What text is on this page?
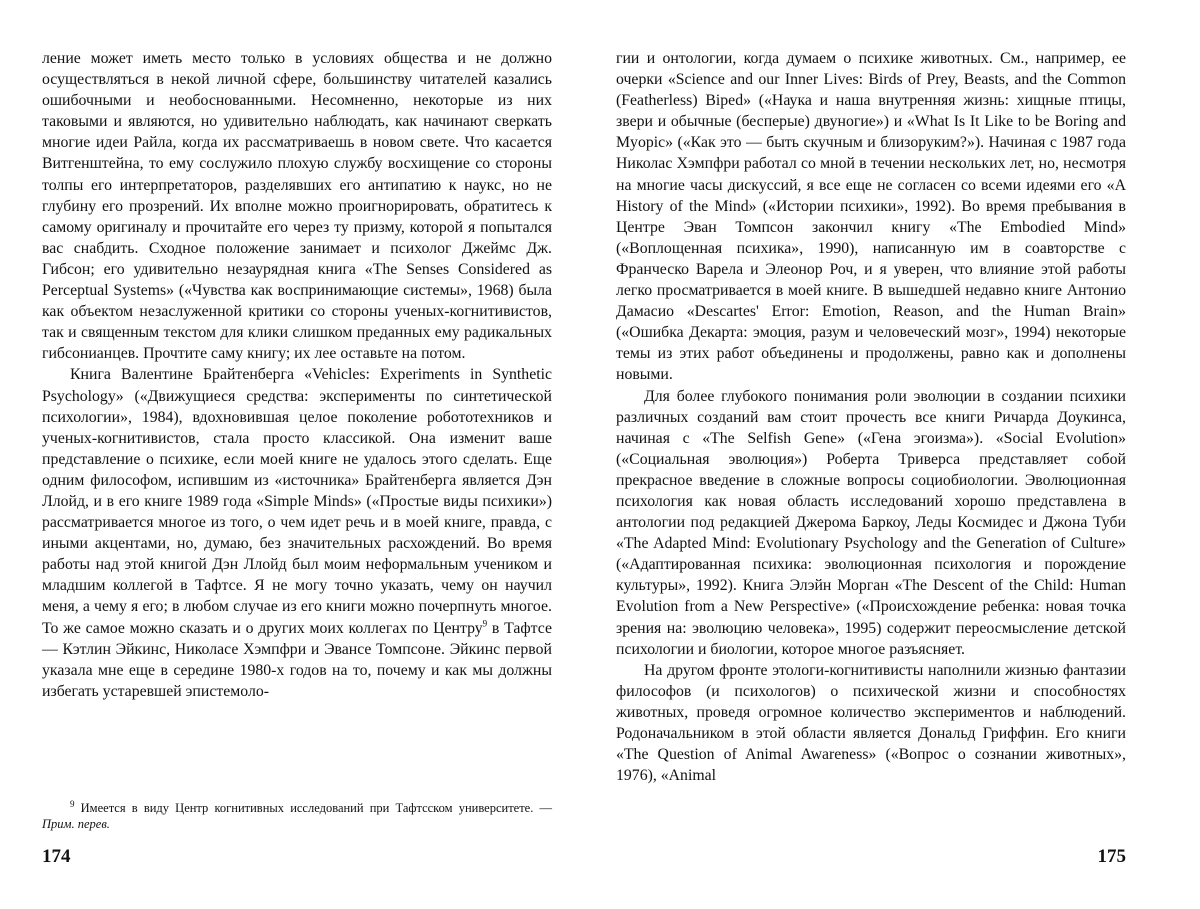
ление может иметь место только в условиях общества и не должно осуществляться в некой личной сфере, большинству читателей казались ошибочными и необоснованными. Несомненно, некоторые из них таковыми и являются, но удивительно наблюдать, как начинают сверкать многие идеи Райла, когда их рассматриваешь в новом свете. Что касается Витгенштейна, то ему сослужило плохую службу восхищение со стороны толпы его интерпретаторов, разделявших его антипатию к наукс, но не глубину его прозрений. Их вполне можно проигнорировать, обратитесь к самому оригиналу и прочитайте его через ту призму, которой я попытался вас снабдить. Сходное положение занимает и психолог Джеймс Дж. Гибсон; его удивительно незаурядная книга «The Senses Considered as Perceptual Systems» («Чувства как воспринимающие системы», 1968) была как объектом незаслуженной критики со стороны ученых-когнитивистов, так и священным текстом для клики слишком преданных ему радикальных гибсонианцев. Прочтите саму книгу; их лее оставьте на потом.

Книга Валентине Брайтенберга «Vehicles: Experiments in Synthetic Psychology» («Движущиеся средства: эксперименты по синтетической психологии», 1984), вдохновившая целое поколение робототехников и ученых-когнитивистов, стала просто классикой. Она изменит ваше представление о психике, если моей книге не удалось этого сделать. Еще одним философом, испившим из «источника» Брайтенберга является Дэн Ллойд, и в его книге 1989 года «Simple Minds» («Простые виды психики») рассматривается многое из того, о чем идет речь и в моей книге, правда, с иными акцентами, но, думаю, без значительных расхождений. Во время работы над этой книгой Дэн Ллойд был моим неформальным учеником и младшим коллегой в Тафтсе. Я не могу точно указать, чему он научил меня, а чему я его; в любом случае из его книги можно почерпнуть многое. То же самое можно сказать и о других моих коллегах по Центру$^9$ в Тафтсе — Кэтлин Эйкинс, Николасе Хэмпфри и Эвансе Томпсоне. Эйкинс первой указала мне еще в середине 1980-х годов на то, почему и как мы должны избегать устаревшей эпистемоло-

$^9$ Имеется в виду Центр когнитивных исследований при Тафтсском университете. — Прим. перев.

174

гии и онтологии, когда думаем о психике животных. См., например, ее очерки «Science and our Inner Lives: Birds of Prey, Beasts, and the Common (Featherless) Biped» («Наука и наша внутренняя жизнь: хищные птицы, звери и обычные (бесперые) двуногие») и «What Is It Like to be Boring and Myopic» («Как это — быть скучным и близоруким?»). Начиная с 1987 года Николас Хэмпфри работал со мной в течении нескольких лет, но, несмотря на многие часы дискуссий, я все еще не согласен со всеми идеями его «A History of the Mind» («Истории психики», 1992). Во время пребывания в Центре Эван Томпсон закончил книгу «The Embodied Mind» («Воплощенная психика», 1990), написанную им в соавторстве с Франческо Варела и Элеонор Роч, и я уверен, что влияние этой работы легко просматривается в моей книге. В вышедшей недавно книге Антонио Дамасио «Descartes' Error: Emotion, Reason, and the Human Brain» («Ошибка Декарта: эмоция, разум и человеческий мозг», 1994) некоторые темы из этих работ объединены и продолжены, равно как и дополнены новыми.

Для более глубокого понимания роли эволюции в создании психики различных созданий вам стоит прочесть все книги Ричарда Доукинса, начиная с «The Selfish Gene» («Гена эгоизма»). «Social Evolution» («Социальная эволюция») Роберта Триверса представляет собой прекрасное введение в сложные вопросы социобиологии. Эволюционная психология как новая область исследований хорошо представлена в антологии под редакцией Джерома Баркоу, Леды Космидес и Джона Туби «The Adapted Mind: Evolutionary Psychology and the Generation of Culture» («Адаптированная психика: эволюционная психология и порождение культуры», 1992). Книга Элэйн Морган «The Descent of the Child: Human Evolution from a New Perspective» («Происхождение ребенка: новая точка зрения на: эволюцию человека», 1995) содержит переосмысление детской психологии и биологии, которое многое разъясняет.

На другом фронте этологи-когнитивисты наполнили жизнью фантазии философов (и психологов) о психической жизни и способностях животных, проведя огромное количество экспериментов и наблюдений. Родоначальником в этой области является Дональд Гриффин. Его книги «The Question of Animal Awareness» («Вопрос о сознании животных», 1976), «Animal

175
